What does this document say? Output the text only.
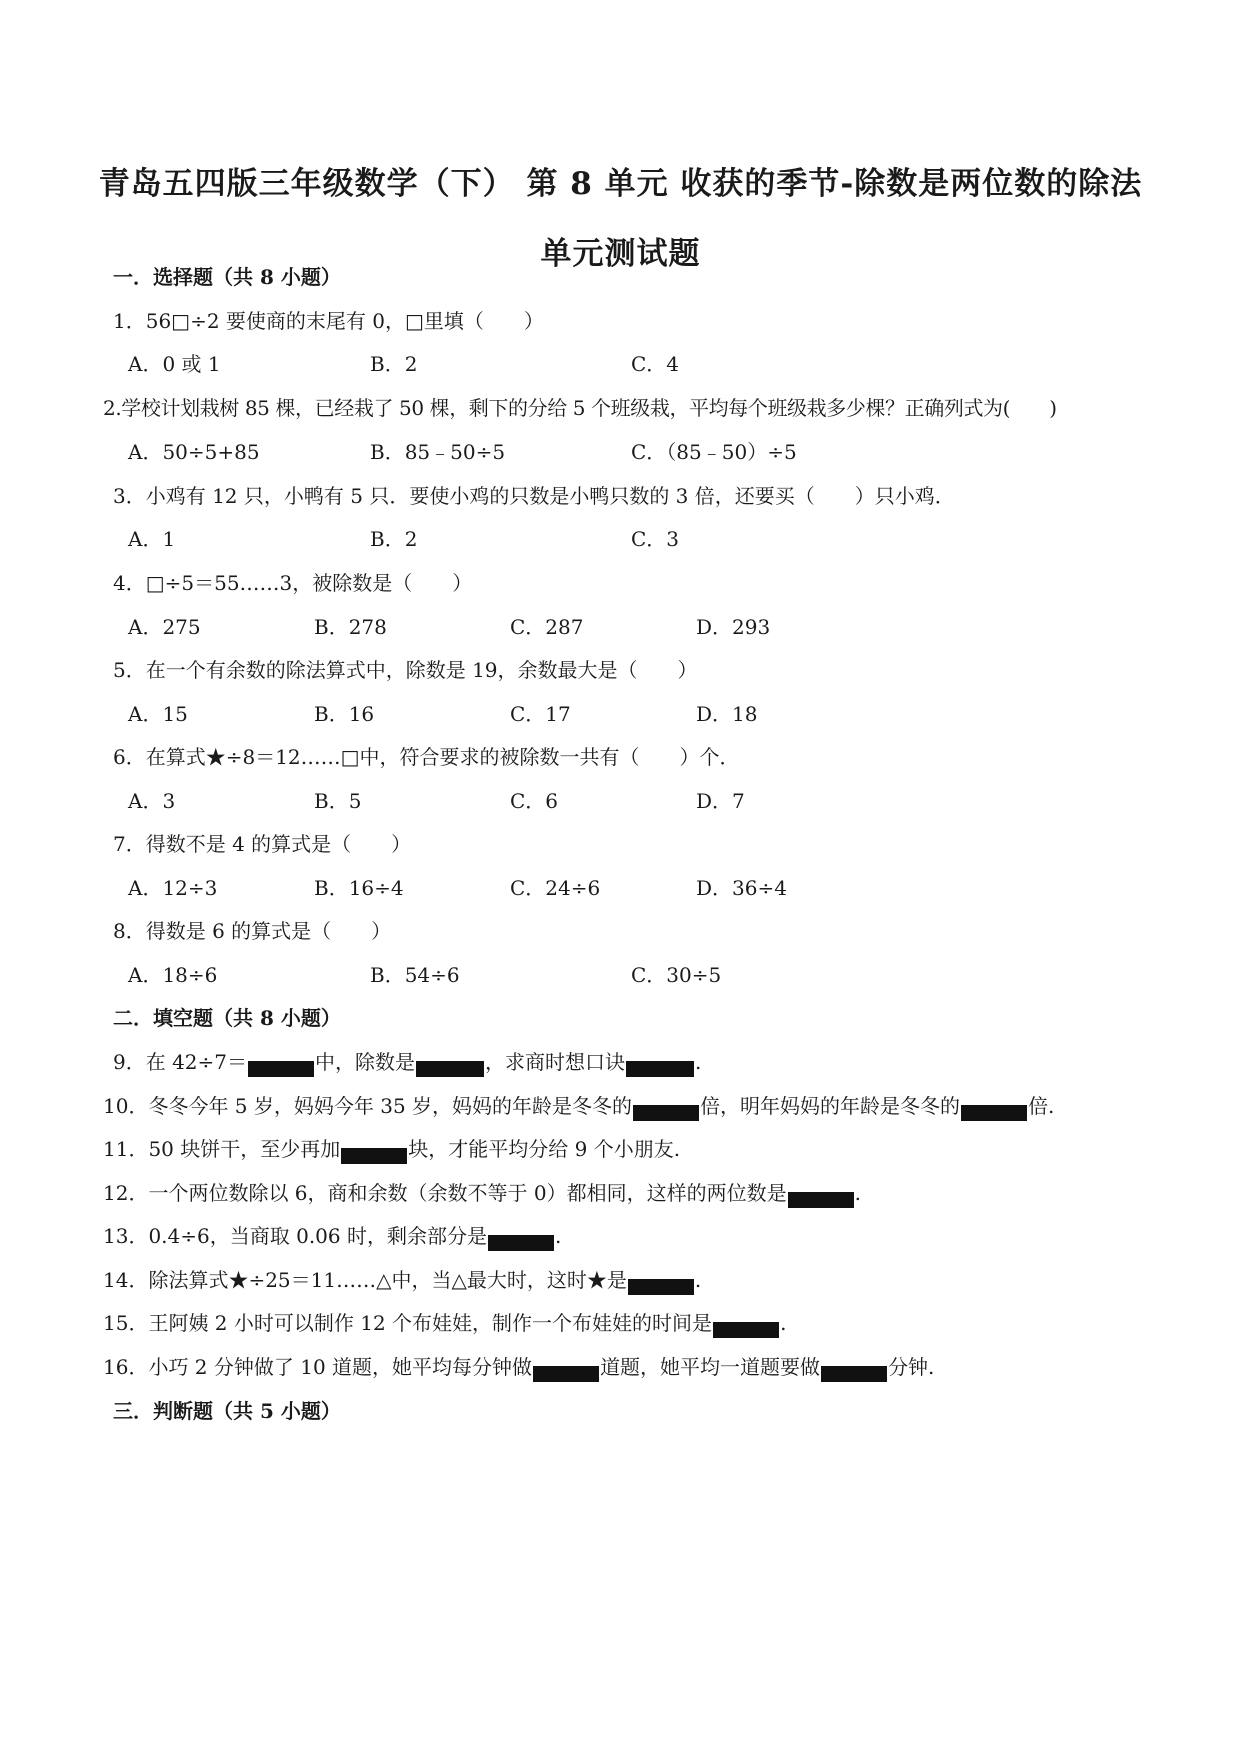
青岛五四版三年级数学（下） 第 8 单元 收获的季节-除数是两位数的除法
单元测试题
一．选择题（共 8 小题）
1．56□÷2 要使商的末尾有 0，□里填（　　）
A．0 或 1	B．2	C．4
2.学校计划栽树 85 棵，已经栽了 50 棵，剩下的分给 5 个班级栽，平均每个班级栽多少棵？正确列式为(　　)
A．50÷5+85	B．85﹣50÷5	C．（85﹣50）÷5
3．小鸡有 12 只，小鸭有 5 只．要使小鸡的只数是小鸭只数的 3 倍，还要买（　　）只小鸡．
A．1	B．2	C．3
4．□÷5＝55……3，被除数是（　　）
A．275	B．278	C．287	D．293
5．在一个有余数的除法算式中，除数是 19，余数最大是（　　）
A．15	B．16	C．17	D．18
6．在算式★÷8＝12……□中，符合要求的被除数一共有（　　）个．
A．3	B．5	C．6	D．7
7．得数不是 4 的算式是（　　）
A．12÷3	B．16÷4	C．24÷6	D．36÷4
8．得数是 6 的算式是（　　）
A．18÷6	B．54÷6	C．30÷5
二．填空题（共 8 小题）
9．在 42÷7＝	中，除数是	，求商时想口诀	.
10．冬冬今年 5 岁，妈妈今年 35 岁，妈妈的年龄是冬冬的	倍，明年妈妈的年龄是冬冬的	倍.
11．50 块饼干，至少再加	块，才能平均分给 9 个小朋友.
12．一个两位数除以 6，商和余数（余数不等于 0）都相同，这样的两位数是	.
13．0.4÷6，当商取 0.06 时，剩余部分是	.
14．除法算式★÷25＝11……△中，当△最大时，这时★是	.
15．王阿姨 2 小时可以制作 12 个布娃娃，制作一个布娃娃的时间是	.
16．小巧 2 分钟做了 10 道题，她平均每分钟做	道题，她平均一道题要做	分钟.
三．判断题（共 5 小题）
